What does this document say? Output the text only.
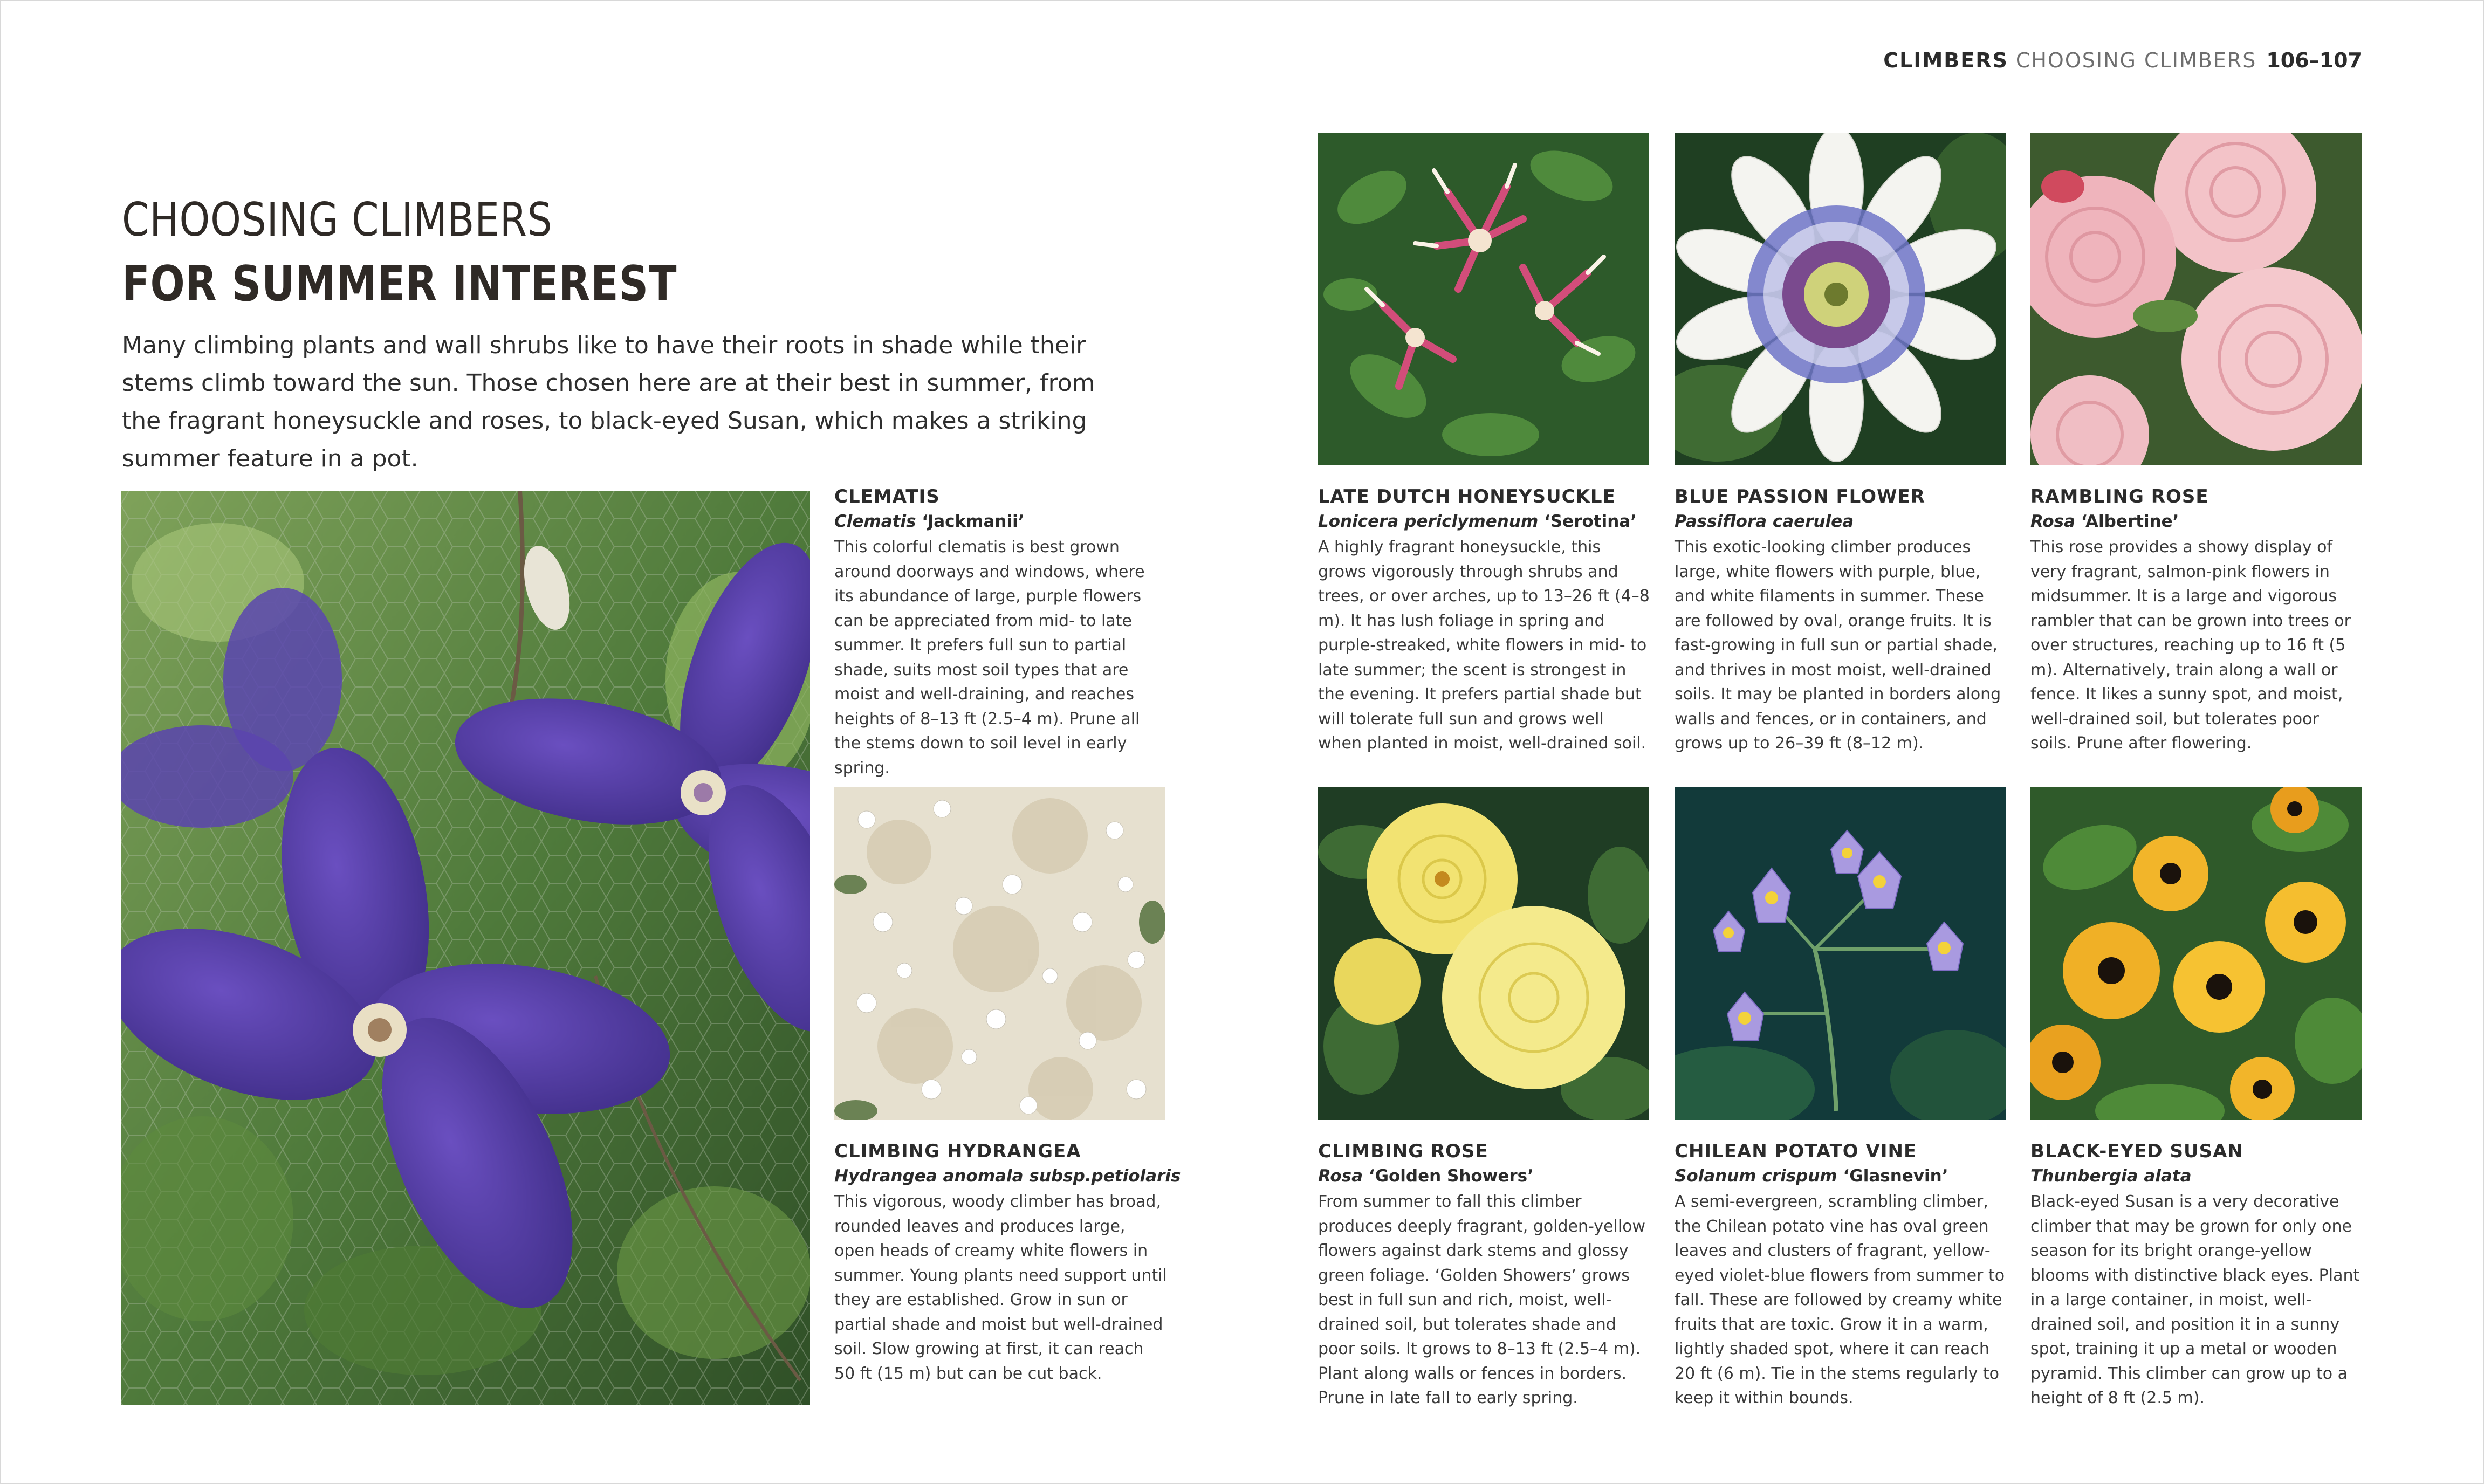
CLIMBERS CHOOSING CLIMBERS 106–107
CHOOSING CLIMBERS
FOR SUMMER INTEREST
Many climbing plants and wall shrubs like to have their roots in shade while their stems climb toward the sun. Those chosen here are at their best in summer, from the fragrant honeysuckle and roses, to black-eyed Susan, which makes a striking summer feature in a pot.
CLEMATIS
Clematis ‘Jackmanii’
This colorful clematis is best grown around doorways and windows, where its abundance of large, purple flowers can be appreciated from mid- to late summer. It prefers full sun to partial shade, suits most soil types that are moist and well-draining, and reaches heights of 8–13 ft (2.5–4 m). Prune all the stems down to soil level in early spring.
CLIMBING HYDRANGEA
Hydrangea anomala subsp.petiolaris
This vigorous, woody climber has broad, rounded leaves and produces large, open heads of creamy white flowers in summer. Young plants need support until they are established. Grow in sun or partial shade and moist but well-drained soil. Slow growing at first, it can reach 50 ft (15 m) but can be cut back.
LATE DUTCH HONEYSUCKLE
Lonicera periclymenum ‘Serotina’
A highly fragrant honeysuckle, this grows vigorously through shrubs and trees, or over arches, up to 13–26 ft (4–8 m). It has lush foliage in spring and purple-streaked, white flowers in mid- to late summer; the scent is strongest in the evening. It prefers partial shade but will tolerate full sun and grows well when planted in moist, well-drained soil.
BLUE PASSION FLOWER
Passiflora caerulea
This exotic-looking climber produces large, white flowers with purple, blue, and white filaments in summer. These are followed by oval, orange fruits. It is fast-growing in full sun or partial shade, and thrives in most moist, well-drained soils. It may be planted in borders along walls and fences, or in containers, and grows up to 26–39 ft (8–12 m).
RAMBLING ROSE
Rosa ‘Albertine’
This rose provides a showy display of very fragrant, salmon-pink flowers in midsummer. It is a large and vigorous rambler that can be grown into trees or over structures, reaching up to 16 ft (5 m). Alternatively, train along a wall or fence. It likes a sunny spot, and moist, well-drained soil, but tolerates poor soils. Prune after flowering.
CLIMBING ROSE
Rosa ‘Golden Showers’
From summer to fall this climber produces deeply fragrant, golden-yellow flowers against dark stems and glossy green foliage. ‘Golden Showers’ grows best in full sun and rich, moist, well-drained soil, but tolerates shade and poor soils. It grows to 8–13 ft (2.5–4 m). Plant along walls or fences in borders. Prune in late fall to early spring.
CHILEAN POTATO VINE
Solanum crispum ‘Glasnevin’
A semi-evergreen, scrambling climber, the Chilean potato vine has oval green leaves and clusters of fragrant, yellow-eyed violet-blue flowers from summer to fall. These are followed by creamy white fruits that are toxic. Grow it in a warm, lightly shaded spot, where it can reach 20 ft (6 m). Tie in the stems regularly to keep it within bounds.
BLACK-EYED SUSAN
Thunbergia alata
Black-eyed Susan is a very decorative climber that may be grown for only one season for its bright orange-yellow blooms with distinctive black eyes. Plant in a large container, in moist, well-drained soil, and position it in a sunny spot, training it up a metal or wooden pyramid. This climber can grow up to a height of 8 ft (2.5 m).
